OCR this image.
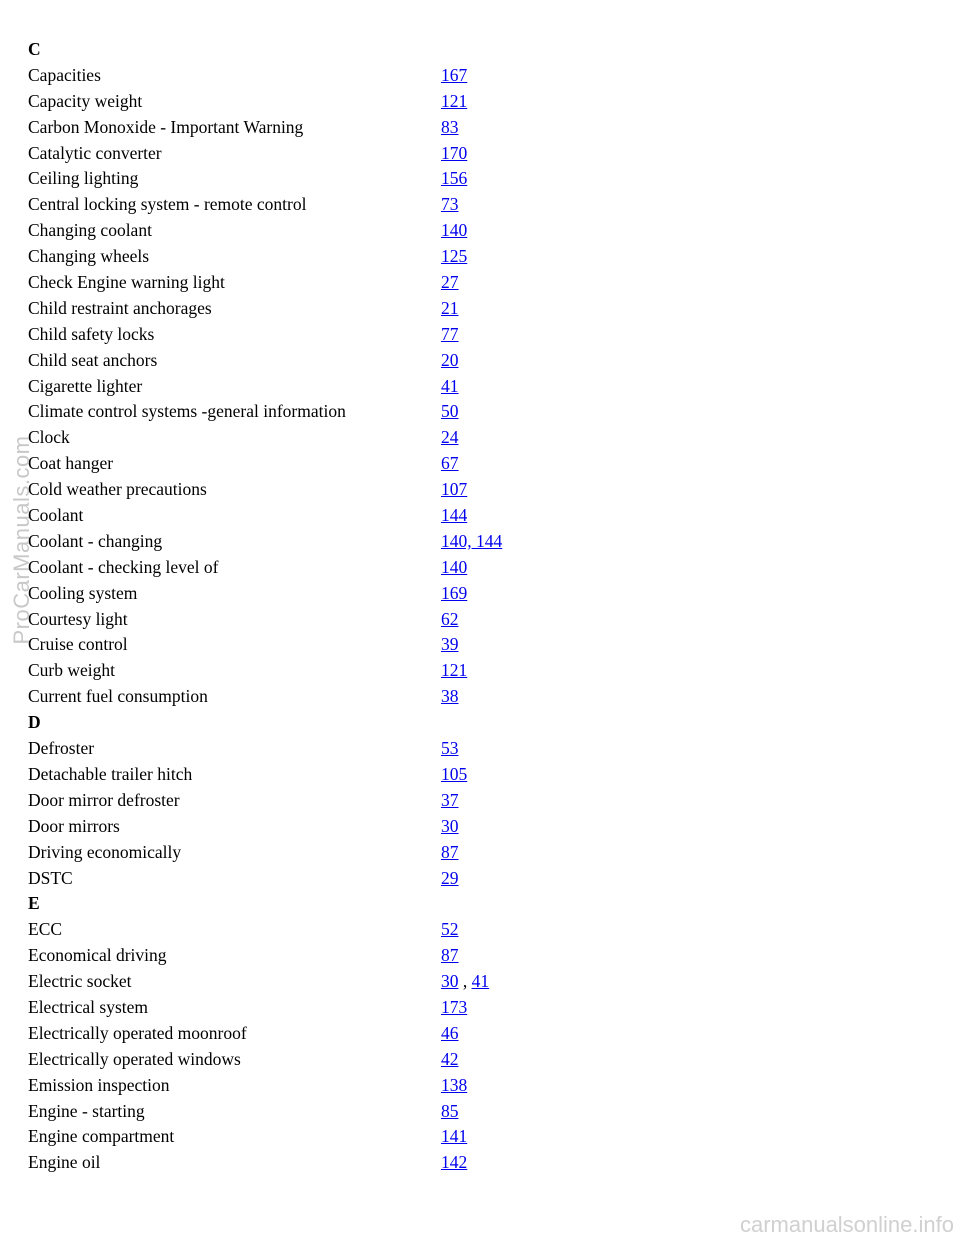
C
Capacities	167
Capacity weight	121
Carbon Monoxide - Important Warning	83
Catalytic converter	170
Ceiling lighting	156
Central locking system - remote control	73
Changing coolant	140
Changing wheels	125
Check Engine warning light	27
Child restraint anchorages	21
Child safety locks	77
Child seat anchors	20
Cigarette lighter	41
Climate control systems -general information	50
Clock	24
Coat hanger	67
Cold weather precautions	107
Coolant	144
Coolant - changing	140, 144
Coolant - checking level of	140
Cooling system	169
Courtesy light	62
Cruise control	39
Curb weight	121
Current fuel consumption	38
D
Defroster	53
Detachable trailer hitch	105
Door mirror defroster	37
Door mirrors	30
Driving economically	87
DSTC	29
E
ECC	52
Economical driving	87
Electric socket	30 , 41
Electrical system	173
Electrically operated moonroof	46
Electrically operated windows	42
Emission inspection	138
Engine - starting	85
Engine compartment	141
Engine oil	142
ProCarManuals.com
carmanualsonline.info
